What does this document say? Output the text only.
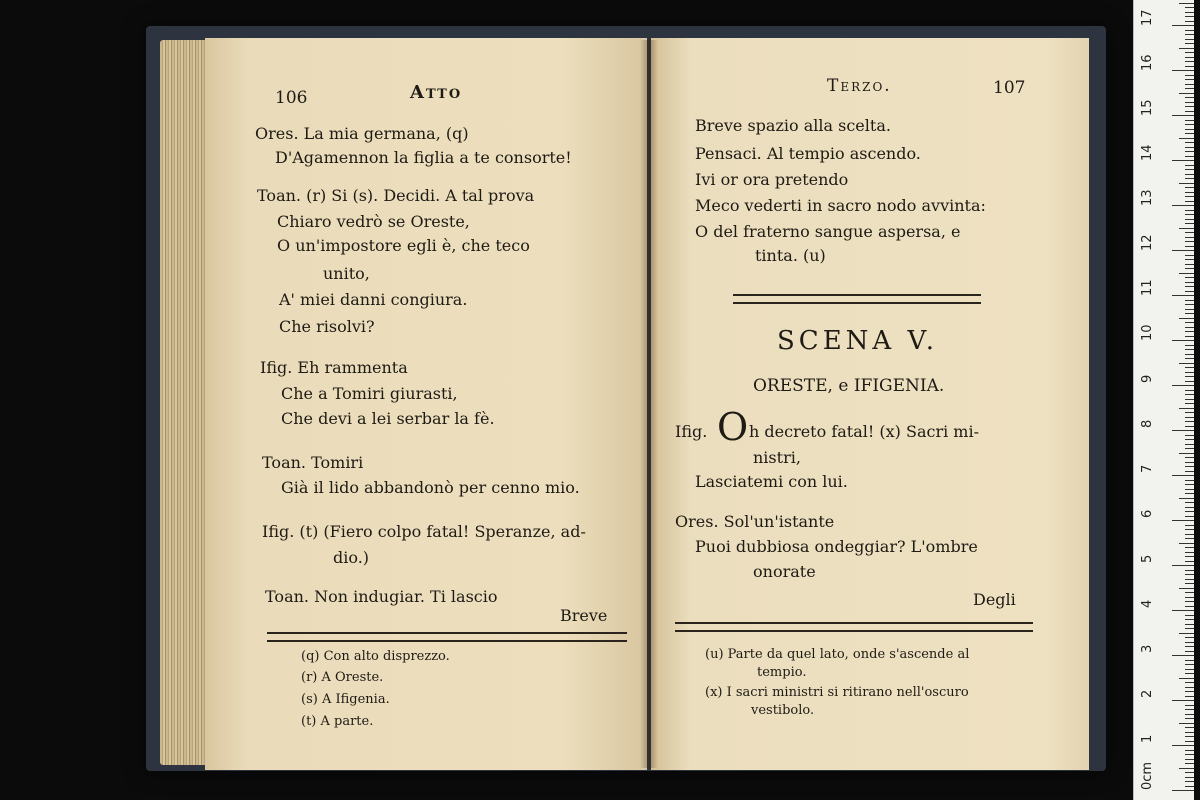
106	Atto
Ores. La mia germana, (q)
D'Agamennon la figlia a te consorte!
Toan. (r) Si (s). Decidi. A tal prova
Chiaro vedrò se Oreste,
O un'impostore egli è, che teco
unito,
A' miei danni congiura.
Che risolvi?
Ifig. Eh rammenta
Che a Tomiri giurasti,
Che devi a lei serbar la fè.
Toan. Tomiri
Già il lido abbandonò per cenno mio.
Ifig. (t) (Fiero colpo fatal! Speranze, ad-
dio.)
Toan. Non indugiar. Ti lascio
Breve
(q) Con alto disprezzo.
(r) A Oreste.
(s) A Ifigenia.
(t) A parte.
Terzo.	107
Breve spazio alla scelta.
Pensaci. Al tempio ascendo.
Ivi or ora pretendo
Meco vederti in sacro nodo avvinta:
O del fraterno sangue aspersa, e
tinta. (u)
SCENA V.
ORESTE, e IFIGENIA.
Ifig. O h decreto fatal! (x) Sacri mi-
nistri,
Lasciatemi con lui.
Ores. Sol'un'istante
Puoi dubbiosa ondeggiar? L'ombre
onorate
Degli
(u) Parte da quel lato, onde s'ascende al
tempio.
(x) I sacri ministri si ritirano nell'oscuro
vestibolo.
0cm
1
2
3
4
5
6
7
8
9
10
11
12
13
14
15
16
17
